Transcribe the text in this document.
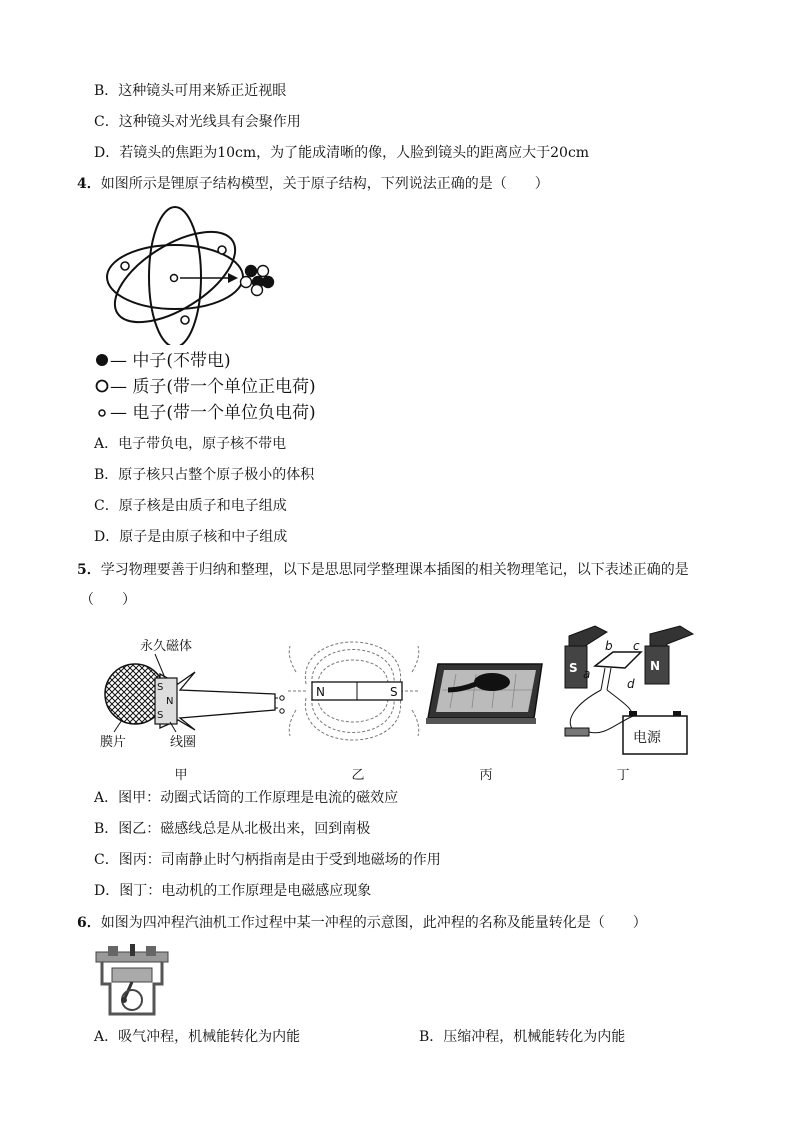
B．这种镜头可用来矫正近视眼
C．这种镜头对光线具有会聚作用
D．若镜头的焦距为10cm，为了能成清晰的像，人脸到镜头的距离应大于20cm
4．如图所示是锂原子结构模型，关于原子结构，下列说法正确的是（　　）
— 中子(不带电)
— 质子(带一个单位正电荷)
— 电子(带一个单位负电荷)
A．电子带负电，原子核不带电
B．原子核只占整个原子极小的体积
C．原子核是由质子和电子组成
D．原子是由原子核和中子组成
5．学习物理要善于归纳和整理，以下是思思同学整理课本插图的相关物理笔记，以下表述正确的是
（　　）
永久磁体
S
N
S
膜片	线圈
甲
N	S
乙	丙
S	N
b c
a
d
电源
丁
A．图甲：动圈式话筒的工作原理是电流的磁效应
B．图乙：磁感线总是从北极出来，回到南极
C．图丙：司南静止时勺柄指南是由于受到地磁场的作用
D．图丁：电动机的工作原理是电磁感应现象
6．如图为四冲程汽油机工作过程中某一冲程的示意图，此冲程的名称及能量转化是（　　）
A．吸气冲程，机械能转化为内能	B．压缩冲程，机械能转化为内能
